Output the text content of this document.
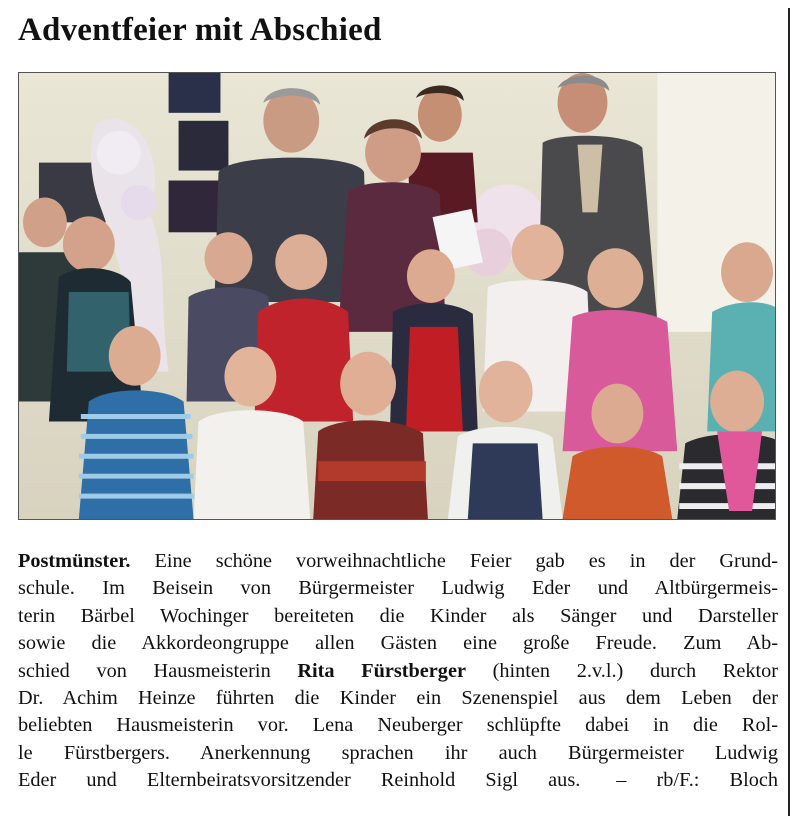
Adventfeier mit Abschied

Postmünster. Eine schöne vorweihnachtliche Feier gab es in der Grund-
schule. Im Beisein von Bürgermeister Ludwig Eder und Altbürgermeis-
terin Bärbel Wochinger bereiteten die Kinder als Sänger und Darsteller
sowie die Akkordeongruppe allen Gästen eine große Freude. Zum Ab-
schied von Hausmeisterin Rita Fürstberger (hinten 2.v.l.) durch Rektor
Dr. Achim Heinze führten die Kinder ein Szenenspiel aus dem Leben der
beliebten Hausmeisterin vor. Lena Neuberger schlüpfte dabei in die Rol-
le Fürstbergers. Anerkennung sprachen ihr auch Bürgermeister Ludwig
Eder und Elternbeiratsvorsitzender Reinhold Sigl aus. – rb/F.: Bloch
